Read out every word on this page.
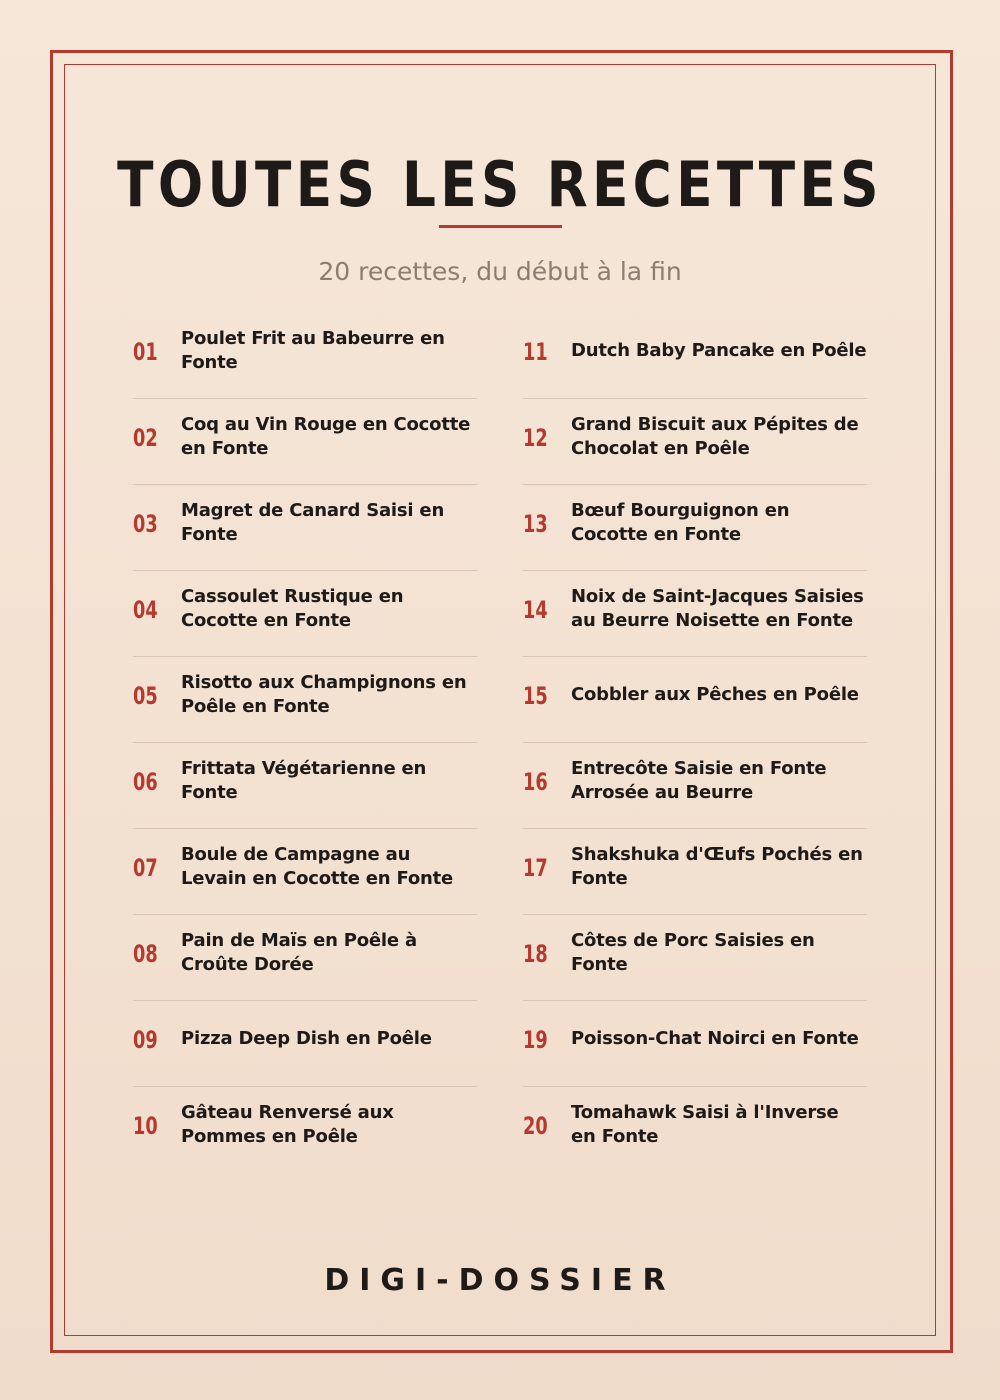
TOUTES LES RECETTES
20 recettes, du début à la fin
01	Poulet Frit au Babeurre en Fonte
02	Coq au Vin Rouge en Cocotte en Fonte
03	Magret de Canard Saisi en Fonte
04	Cassoulet Rustique en Cocotte en Fonte
05	Risotto aux Champignons en Poêle en Fonte
06	Frittata Végétarienne en Fonte
07	Boule de Campagne au Levain en Cocotte en Fonte
08	Pain de Maïs en Poêle à Croûte Dorée
09	Pizza Deep Dish en Poêle
10	Gâteau Renversé aux Pommes en Poêle
11	Dutch Baby Pancake en Poêle
12	Grand Biscuit aux Pépites de Chocolat en Poêle
13	Bœuf Bourguignon en Cocotte en Fonte
14	Noix de Saint-Jacques Saisies au Beurre Noisette en Fonte
15	Cobbler aux Pêches en Poêle
16	Entrecôte Saisie en Fonte Arrosée au Beurre
17	Shakshuka d'Œufs Pochés en Fonte
18	Côtes de Porc Saisies en Fonte
19	Poisson-Chat Noirci en Fonte
20	Tomahawk Saisi à l'Inverse en Fonte
DIGI-DOSSIER
